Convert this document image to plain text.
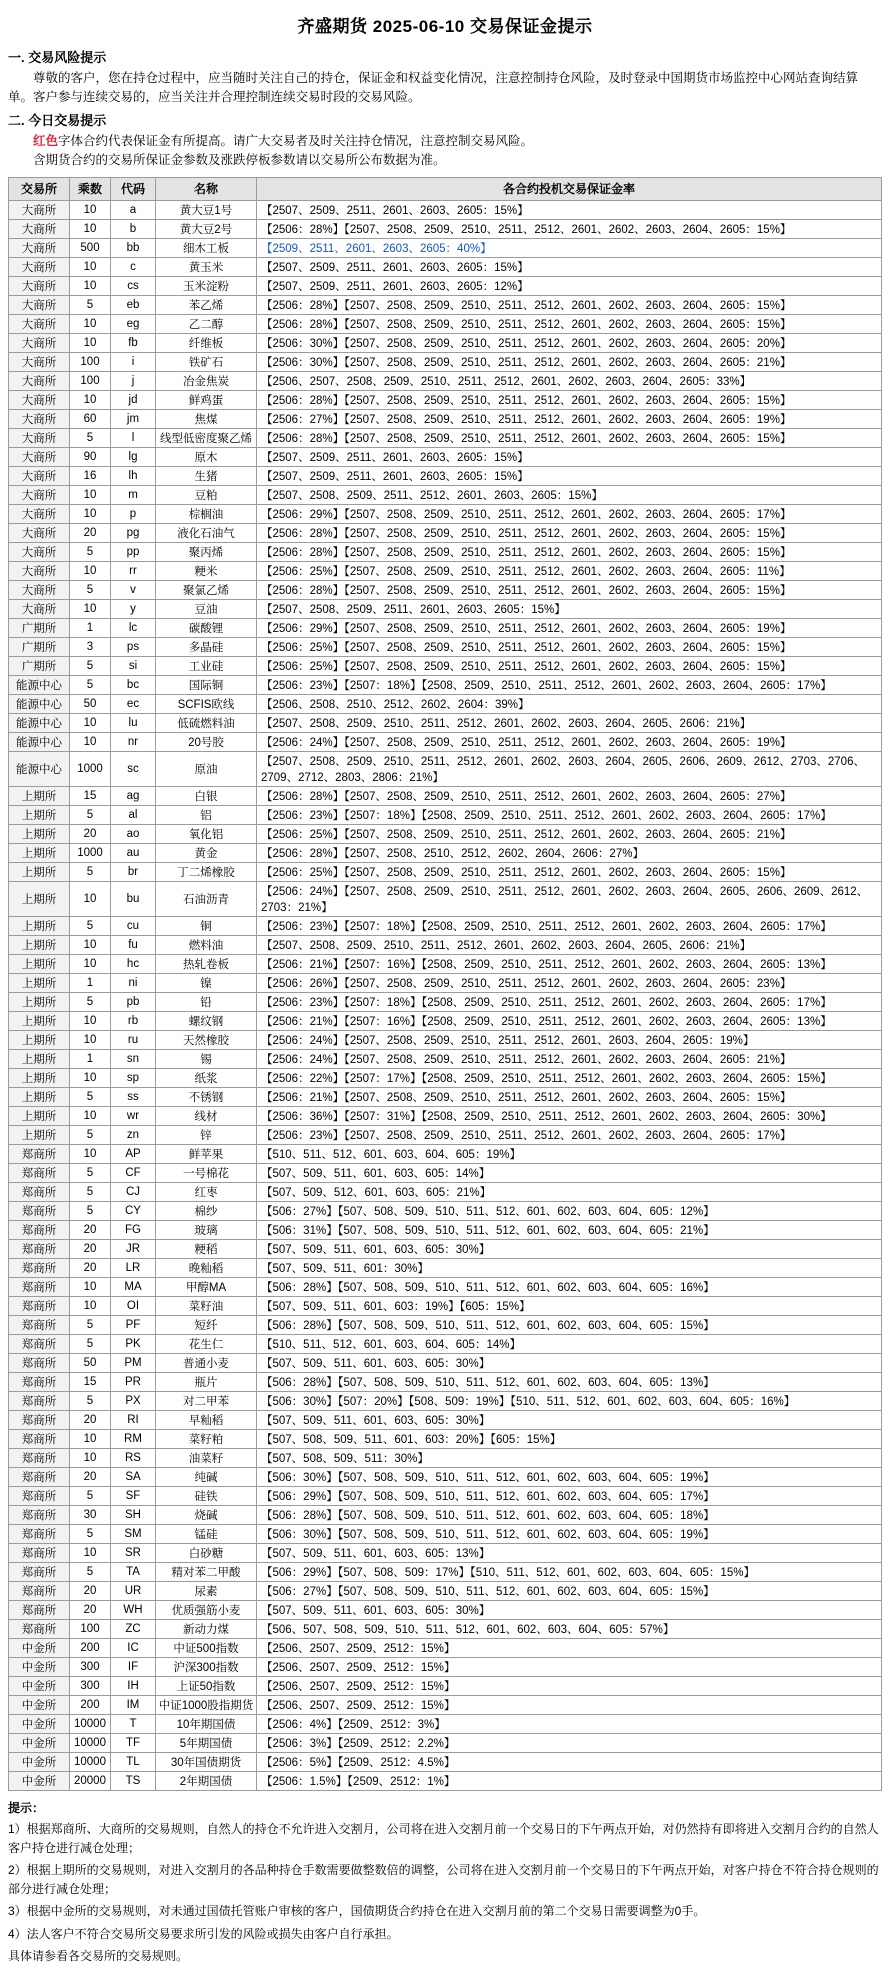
齐盛期货 2025-06-10 交易保证金提示
一. 交易风险提示

尊敬的客户，您在持仓过程中，应当随时关注自己的持仓，保证金和权益变化情况，注意控制持仓风险，及时登录中国期货市场监控中心网站查询结算单。客户参与连续交易的，应当关注并合理控制连续交易时段的交易风险。

二. 今日交易提示

红色字体合约代表保证金有所提高。请广大交易者及时关注持仓情况，注意控制交易风险。

含期货合约的交易所保证金参数及涨跌停板参数请以交易所公布数据为准。

交易所	乘数	代码	名称	各合约投机交易保证金率
大商所	10	a	黄大豆1号	【2507、2509、2511、2601、2603、2605：15%】
大商所	10	b	黄大豆2号	【2506：28%】【2507、2508、2509、2510、2511、2512、2601、2602、2603、2604、2605：15%】
大商所	500	bb	细木工板	【2509、2511、2601、2603、2605：40%】
大商所	10	c	黄玉米	【2507、2509、2511、2601、2603、2605：15%】
大商所	10	cs	玉米淀粉	【2507、2509、2511、2601、2603、2605：12%】
大商所	5	eb	苯乙烯	【2506：28%】【2507、2508、2509、2510、2511、2512、2601、2602、2603、2604、2605：15%】
大商所	10	eg	乙二醇	【2506：28%】【2507、2508、2509、2510、2511、2512、2601、2602、2603、2604、2605：15%】
大商所	10	fb	纤维板	【2506：30%】【2507、2508、2509、2510、2511、2512、2601、2602、2603、2604、2605：20%】
大商所	100	i	铁矿石	【2506：30%】【2507、2508、2509、2510、2511、2512、2601、2602、2603、2604、2605：21%】
大商所	100	j	冶金焦炭	【2506、2507、2508、2509、2510、2511、2512、2601、2602、2603、2604、2605：33%】
大商所	10	jd	鲜鸡蛋	【2506：28%】【2507、2508、2509、2510、2511、2512、2601、2602、2603、2604、2605：15%】
大商所	60	jm	焦煤	【2506：27%】【2507、2508、2509、2510、2511、2512、2601、2602、2603、2604、2605：19%】
大商所	5	l	线型低密度聚乙烯	【2506：28%】【2507、2508、2509、2510、2511、2512、2601、2602、2603、2604、2605：15%】
大商所	90	lg	原木	【2507、2509、2511、2601、2603、2605：15%】
大商所	16	lh	生猪	【2507、2509、2511、2601、2603、2605：15%】
大商所	10	m	豆粕	【2507、2508、2509、2511、2512、2601、2603、2605：15%】
大商所	10	p	棕榈油	【2506：29%】【2507、2508、2509、2510、2511、2512、2601、2602、2603、2604、2605：17%】
大商所	20	pg	液化石油气	【2506：28%】【2507、2508、2509、2510、2511、2512、2601、2602、2603、2604、2605：15%】
大商所	5	pp	聚丙烯	【2506：28%】【2507、2508、2509、2510、2511、2512、2601、2602、2603、2604、2605：15%】
大商所	10	rr	粳米	【2506：25%】【2507、2508、2509、2510、2511、2512、2601、2602、2603、2604、2605：11%】
大商所	5	v	聚氯乙烯	【2506：28%】【2507、2508、2509、2510、2511、2512、2601、2602、2603、2604、2605：15%】
大商所	10	y	豆油	【2507、2508、2509、2511、2601、2603、2605：15%】
广期所	1	lc	碳酸锂	【2506：29%】【2507、2508、2509、2510、2511、2512、2601、2602、2603、2604、2605：19%】
广期所	3	ps	多晶硅	【2506：25%】【2507、2508、2509、2510、2511、2512、2601、2602、2603、2604、2605：15%】
广期所	5	si	工业硅	【2506：25%】【2507、2508、2509、2510、2511、2512、2601、2602、2603、2604、2605：15%】
能源中心	5	bc	国际铜	【2506：23%】【2507：18%】【2508、2509、2510、2511、2512、2601、2602、2603、2604、2605：17%】
能源中心	50	ec	SCFIS欧线	【2506、2508、2510、2512、2602、2604：39%】
能源中心	10	lu	低硫燃料油	【2507、2508、2509、2510、2511、2512、2601、2602、2603、2604、2605、2606：21%】
能源中心	10	nr	20号胶	【2506：24%】【2507、2508、2509、2510、2511、2512、2601、2602、2603、2604、2605：19%】
能源中心	1000	sc	原油	【2507、2508、2509、2510、2511、2512、2601、2602、2603、2604、2605、2606、2609、2612、2703、2706、2709、2712、2803、2806：21%】
上期所	15	ag	白银	【2506：28%】【2507、2508、2509、2510、2511、2512、2601、2602、2603、2604、2605：27%】
上期所	5	al	铝	【2506：23%】【2507：18%】【2508、2509、2510、2511、2512、2601、2602、2603、2604、2605：17%】
上期所	20	ao	氧化铝	【2506：25%】【2507、2508、2509、2510、2511、2512、2601、2602、2603、2604、2605：21%】
上期所	1000	au	黄金	【2506：28%】【2507、2508、2510、2512、2602、2604、2606：27%】
上期所	5	br	丁二烯橡胶	【2506：25%】【2507、2508、2509、2510、2511、2512、2601、2602、2603、2604、2605：15%】
上期所	10	bu	石油沥青	【2506：24%】【2507、2508、2509、2510、2511、2512、2601、2602、2603、2604、2605、2606、2609、2612、2703：21%】
上期所	5	cu	铜	【2506：23%】【2507：18%】【2508、2509、2510、2511、2512、2601、2602、2603、2604、2605：17%】
上期所	10	fu	燃料油	【2507、2508、2509、2510、2511、2512、2601、2602、2603、2604、2605、2606：21%】
上期所	10	hc	热轧卷板	【2506：21%】【2507：16%】【2508、2509、2510、2511、2512、2601、2602、2603、2604、2605：13%】
上期所	1	ni	镍	【2506：26%】【2507、2508、2509、2510、2511、2512、2601、2602、2603、2604、2605：23%】
上期所	5	pb	铅	【2506：23%】【2507：18%】【2508、2509、2510、2511、2512、2601、2602、2603、2604、2605：17%】
上期所	10	rb	螺纹钢	【2506：21%】【2507：16%】【2508、2509、2510、2511、2512、2601、2602、2603、2604、2605：13%】
上期所	10	ru	天然橡胶	【2506：24%】【2507、2508、2509、2510、2511、2512、2601、2603、2604、2605：19%】
上期所	1	sn	锡	【2506：24%】【2507、2508、2509、2510、2511、2512、2601、2602、2603、2604、2605：21%】
上期所	10	sp	纸浆	【2506：22%】【2507：17%】【2508、2509、2510、2511、2512、2601、2602、2603、2604、2605：15%】
上期所	5	ss	不锈钢	【2506：21%】【2507、2508、2509、2510、2511、2512、2601、2602、2603、2604、2605：15%】
上期所	10	wr	线材	【2506：36%】【2507：31%】【2508、2509、2510、2511、2512、2601、2602、2603、2604、2605：30%】
上期所	5	zn	锌	【2506：23%】【2507、2508、2509、2510、2511、2512、2601、2602、2603、2604、2605：17%】
郑商所	10	AP	鲜苹果	【510、511、512、601、603、604、605：19%】
郑商所	5	CF	一号棉花	【507、509、511、601、603、605：14%】
郑商所	5	CJ	红枣	【507、509、512、601、603、605：21%】
郑商所	5	CY	棉纱	【506：27%】【507、508、509、510、511、512、601、602、603、604、605：12%】
郑商所	20	FG	玻璃	【506：31%】【507、508、509、510、511、512、601、602、603、604、605：21%】
郑商所	20	JR	粳稻	【507、509、511、601、603、605：30%】
郑商所	20	LR	晚籼稻	【507、509、511、601：30%】
郑商所	10	MA	甲醇MA	【506：28%】【507、508、509、510、511、512、601、602、603、604、605：16%】
郑商所	10	OI	菜籽油	【507、509、511、601、603：19%】【605：15%】
郑商所	5	PF	短纤	【506：28%】【507、508、509、510、511、512、601、602、603、604、605：15%】
郑商所	5	PK	花生仁	【510、511、512、601、603、604、605：14%】
郑商所	50	PM	普通小麦	【507、509、511、601、603、605：30%】
郑商所	15	PR	瓶片	【506：28%】【507、508、509、510、511、512、601、602、603、604、605：13%】
郑商所	5	PX	对二甲苯	【506：30%】【507：20%】【508、509：19%】【510、511、512、601、602、603、604、605：16%】
郑商所	20	RI	早籼稻	【507、509、511、601、603、605：30%】
郑商所	10	RM	菜籽粕	【507、508、509、511、601、603：20%】【605：15%】
郑商所	10	RS	油菜籽	【507、508、509、511：30%】
郑商所	20	SA	纯碱	【506：30%】【507、508、509、510、511、512、601、602、603、604、605：19%】
郑商所	5	SF	硅铁	【506：29%】【507、508、509、510、511、512、601、602、603、604、605：17%】
郑商所	30	SH	烧碱	【506：28%】【507、508、509、510、511、512、601、602、603、604、605：18%】
郑商所	5	SM	锰硅	【506：30%】【507、508、509、510、511、512、601、602、603、604、605：19%】
郑商所	10	SR	白砂糖	【507、509、511、601、603、605：13%】
郑商所	5	TA	精对苯二甲酸	【506：29%】【507、508、509：17%】【510、511、512、601、602、603、604、605：15%】
郑商所	20	UR	尿素	【506：27%】【507、508、509、510、511、512、601、602、603、604、605：15%】
郑商所	20	WH	优质强筋小麦	【507、509、511、601、603、605：30%】
郑商所	100	ZC	新动力煤	【506、507、508、509、510、511、512、601、602、603、604、605：57%】
中金所	200	IC	中证500指数	【2506、2507、2509、2512：15%】
中金所	300	IF	沪深300指数	【2506、2507、2509、2512：15%】
中金所	300	IH	上证50指数	【2506、2507、2509、2512：15%】
中金所	200	IM	中证1000股指期货	【2506、2507、2509、2512：15%】
中金所	10000	T	10年期国债	【2506：4%】【2509、2512：3%】
中金所	10000	TF	5年期国债	【2506：3%】【2509、2512：2.2%】
中金所	10000	TL	30年国债期货	【2506：5%】【2509、2512：4.5%】
中金所	20000	TS	2年期国债	【2506：1.5%】【2509、2512：1%】
提示：

1）根据郑商所、大商所的交易规则，自然人的持仓不允许进入交割月，公司将在进入交割月前一个交易日的下午两点开始，对仍然持有即将进入交割月合约的自然人客户持仓进行减仓处理；

2）根据上期所的交易规则，对进入交割月的各品种持仓手数需要做整数倍的调整，公司将在进入交割月前一个交易日的下午两点开始，对客户持仓不符合持仓规则的部分进行减仓处理；

3）根据中金所的交易规则，对未通过国债托管账户审核的客户，国债期货合约持仓在进入交割月前的第二个交易日需要调整为0手。

4）法人客户不符合交易所交易要求所引发的风险或损失由客户自行承担。

具体请参看各交易所的交易规则。
